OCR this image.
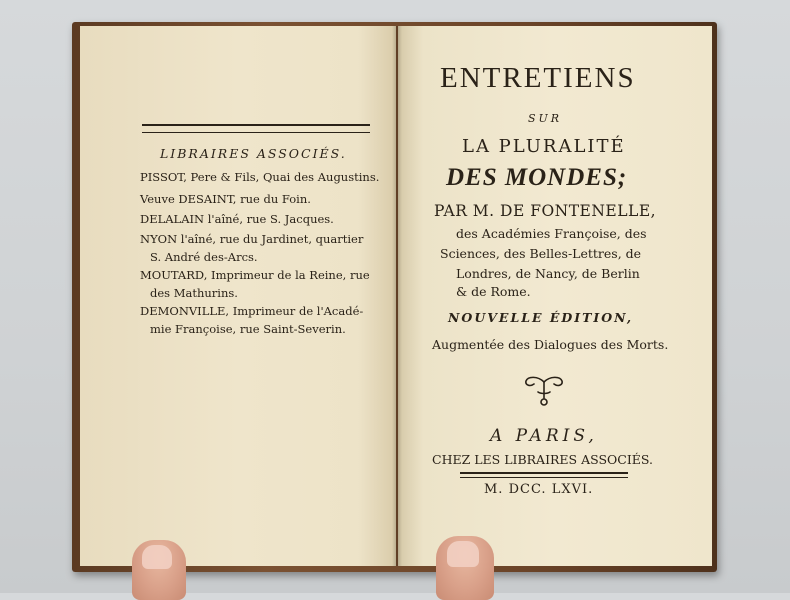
LIBRAIRES ASSOCIÉS.
PISSOT, Pere & Fils, Quai des Augustins.
Veuve DESAINT, rue du Foin.
DELALAIN l'aîné, rue S. Jacques.
NYON l'aîné, rue du Jardinet, quartier
S. André des-Arcs.
MOUTARD, Imprimeur de la Reine, rue
des Mathurins.
DEMONVILLE, Imprimeur de l'Acadé-
mie Françoise, rue Saint-Severin.
ENTRETIENS
SUR
LA PLURALITÉ
DES MONDES;
PAR M. DE FONTENELLE,
des Académies Françoise, des
Sciences, des Belles-Lettres, de
Londres, de Nancy, de Berlin
& de Rome.
NOUVELLE ÉDITION,
Augmentée des Dialogues des Morts.
A PARIS,
CHEZ LES LIBRAIRES ASSOCIÉS.
M. DCC. LXVI.
